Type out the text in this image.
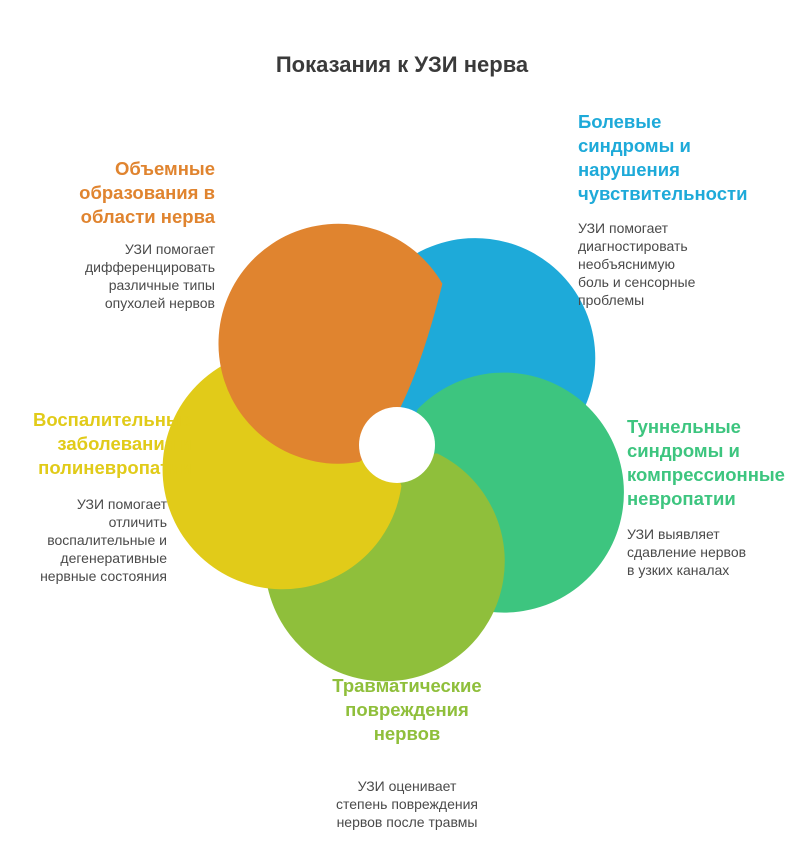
Показания к УЗИ нерва
Объемные
образования в
области нерва
УЗИ помогает
дифференцировать
различные типы
опухолей нервов
Болевые
синдромы и
нарушения
чувствительности
УЗИ помогает
диагностировать
необъяснимую
боль и сенсорные
проблемы
Туннельные
синдромы и
компрессионные
невропатии
УЗИ выявляет
сдавление нервов
в узких каналах
Травматические
повреждения
нервов
УЗИ оценивает
степень повреждения
нервов после травмы
Воспалительные
заболевания и
полиневропатии
УЗИ помогает
отличить
воспалительные и
дегенеративные
нервные состояния
